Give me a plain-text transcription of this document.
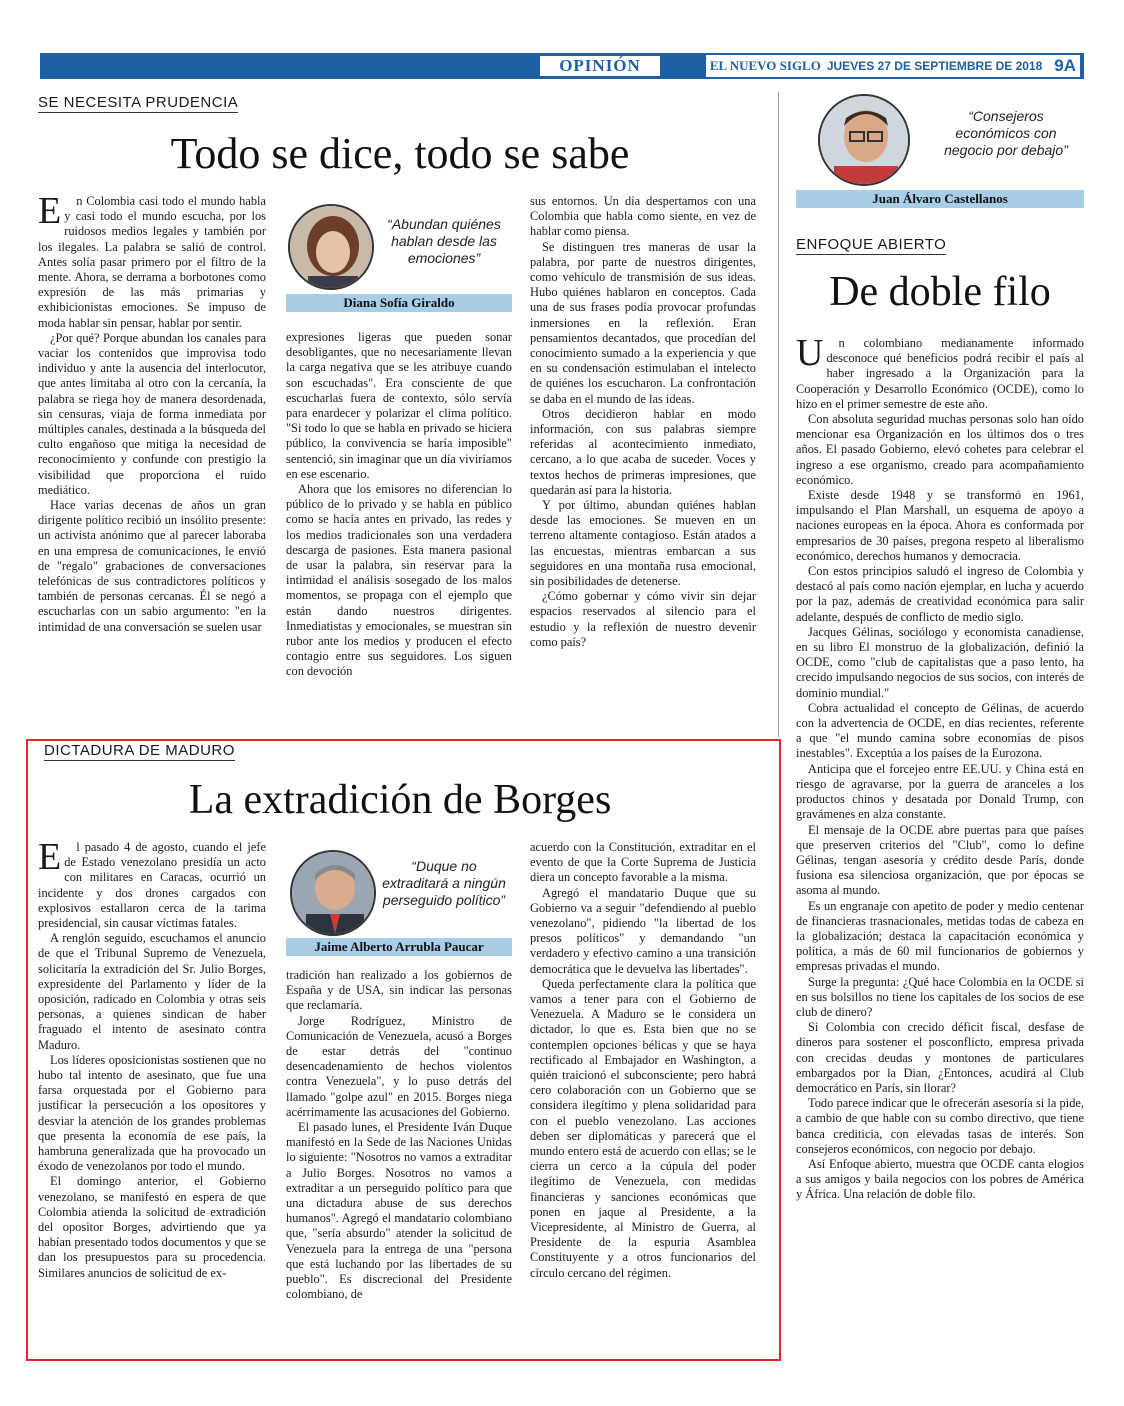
OPINIÓN	EL NUEVO SIGLO JUEVES 27 DE SEPTIEMBRE DE 2018 9A
SE NECESITA PRUDENCIA
Todo se dice, todo se sabe

En Colombia casi todo el mundo habla y casi todo el mundo escucha, por los ruidosos medios legales y también por los ilegales. La palabra se salió de control. Antes solía pasar primero por el filtro de la mente. Ahora, se derrama a borbotones como expresión de las más primarias y exhibicionistas emociones. Se impuso de moda hablar sin pensar, hablar por sentir.

¿Por qué? Porque abundan los canales para vaciar los contenidos que improvisa todo individuo y ante la ausencia del interlocutor, que antes limitaba al otro con la cercanía, la palabra se riega hoy de manera desordenada, sin censuras, viaja de forma inmediata por múltiples canales, destinada a la búsqueda del culto engañoso que mitiga la necesidad de reconocimiento y confunde con prestigio la visibilidad que proporciona el ruido mediático.

Hace varias decenas de años un gran dirigente político recibió un insólito presente: un activista anónimo que al parecer laboraba en una empresa de comunicaciones, le envió de "regalo" grabaciones de conversaciones telefónicas de sus contradictores políticos y también de personas cercanas. Él se negó a escucharlas con un sabio argumento: "en la intimidad de una conversación se suelen usar

“Abundan quiénes hablan desde las emociones”
Diana Sofía Giraldo

expresiones ligeras que pueden sonar desobligantes, que no necesariamente llevan la carga negativa que se les atribuye cuando son escuchadas". Era consciente de que escucharlas fuera de contexto, sólo servía para enardecer y polarizar el clima político. "Si todo lo que se habla en privado se hiciera público, la convivencia se haría imposible" sentenció, sin imaginar que un día viviríamos en ese escenario.

Ahora que los emisores no diferencian lo público de lo privado y se habla en público como se hacía antes en privado, las redes y los medios tradicionales son una verdadera descarga de pasiones. Esta manera pasional de usar la palabra, sin reservar para la intimidad el análisis sosegado de los malos momentos, se propaga con el ejemplo que están dando nuestros dirigentes. Inmediatistas y emocionales, se muestran sin rubor ante los medios y producen el efecto contagio entre sus seguidores. Los siguen con devoción

sus entornos. Un día despertamos con una Colombia que habla como siente, en vez de hablar como piensa.

Se distinguen tres maneras de usar la palabra, por parte de nuestros dirigentes, como vehículo de transmisión de sus ideas. Hubo quiénes hablaron en conceptos. Cada una de sus frases podía provocar profundas inmersiones en la reflexión. Eran pensamientos decantados, que procedían del conocimiento sumado a la experiencia y que en su condensación estimulaban el intelecto de quiénes los escucharon. La confrontación se daba en el mundo de las ideas.

Otros decidieron hablar en modo información, con sus palabras siempre referidas al acontecimiento inmediato, cercano, a lo que acaba de suceder. Voces y textos hechos de primeras impresiones, que quedarán así para la historia.

Y por último, abundan quiénes hablan desde las emociones. Se mueven en un terreno altamente contagioso. Están atados a las encuestas, mientras embarcan a sus seguidores en una montaña rusa emocional, sin posibilidades de detenerse.

¿Cómo gobernar y cómo vivir sin dejar espacios reservados al silencio para el estudio y la reflexión de nuestro devenir como país?

DICTADURA DE MADURO
La extradición de Borges

El pasado 4 de agosto, cuando el jefe de Estado venezolano presidía un acto con militares en Caracas, ocurrió un incidente y dos drones cargados con explosivos estallaron cerca de la tarima presidencial, sin causar víctimas fatales.

A renglón seguido, escuchamos el anuncio de que el Tribunal Supremo de Venezuela, solicitaría la extradición del Sr. Julio Borges, expresidente del Parlamento y líder de la oposición, radicado en Colombia y otras seis personas, a quienes sindican de haber fraguado el intento de asesinato contra Maduro.

Los líderes oposicionistas sostienen que no hubo tal intento de asesinato, que fue una farsa orquestada por el Gobierno para justificar la persecución a los opositores y desviar la atención de los grandes problemas que presenta la economía de ese país, la hambruna generalizada que ha provocado un éxodo de venezolanos por todo el mundo.

El domingo anterior, el Gobierno venezolano, se manifestó en espera de que Colombia atienda la solicitud de extradición del opositor Borges, advirtiendo que ya habían presentado todos documentos y que se dan los presupuestos para su procedencia. Similares anuncios de solicitud de ex-

“Duque no extraditará a ningún perseguido político”
Jaime Alberto Arrubla Paucar

tradición han realizado a los gobiernos de España y de USA, sin indicar las personas que reclamaría.

Jorge Rodríguez, Ministro de Comunicación de Venezuela, acusó a Borges de estar detrás del "continuo desencadenamiento de hechos violentos contra Venezuela", y lo puso detrás del llamado "golpe azul" en 2015. Borges niega acérrimamente las acusaciones del Gobierno.

El pasado lunes, el Presidente Iván Duque manifestó en la Sede de las Naciones Unidas lo siguiente: "Nosotros no vamos a extraditar a Julio Borges. Nosotros no vamos a extraditar a un perseguido político para que una dictadura abuse de sus derechos humanos". Agregó el mandatario colombiano que, "sería absurdo" atender la solicitud de Venezuela para la entrega de una "persona que está luchando por las libertades de su pueblo". Es discrecional del Presidente colombiano, de

acuerdo con la Constitución, extraditar en el evento de que la Corte Suprema de Justicia diera un concepto favorable a la misma.

Agregó el mandatario Duque que su Gobierno va a seguir "defendiendo al pueblo venezolano", pidiendo "la libertad de los presos políticos" y demandando "un verdadero y efectivo camino a una transición democrática que le devuelva las libertades".

Queda perfectamente clara la política que vamos a tener para con el Gobierno de Venezuela. A Maduro se le considera un dictador, lo que es. Esta bien que no se contemplen opciones bélicas y que se haya rectificado al Embajador en Washington, a quién traicionó el subconsciente; pero habrá cero colaboración con un Gobierno que se considera ilegítimo y plena solidaridad para con el pueblo venezolano. Las acciones deben ser diplomáticas y parecerá que el mundo entero está de acuerdo con ellas; se le cierra un cerco a la cúpula del poder ilegítimo de Venezuela, con medidas financieras y sanciones económicas que ponen en jaque al Presidente, a la Vicepresidente, al Ministro de Guerra, al Presidente de la espuria Asamblea Constituyente y a otros funcionarios del círculo cercano del régimen.

“Consejeros económicos con negocio por debajo”
Juan Álvaro Castellanos
ENFOQUE ABIERTO
De doble filo

Un colombiano medianamente informado desconoce qué beneficios podrá recibir el país al haber ingresado a la Organización para la Cooperación y Desarrollo Económico (OCDE), como lo hizo en el primer semestre de este año.

Con absoluta seguridad muchas personas solo han oído mencionar esa Organización en los últimos dos o tres años. El pasado Gobierno, elevó cohetes para celebrar el ingreso a ese organismo, creado para acompañamiento económico.

Existe desde 1948 y se transformó en 1961, impulsando el Plan Marshall, un esquema de apoyo a naciones europeas en la época. Ahora es conformada por empresarios de 30 países, pregona respeto al liberalismo económico, derechos humanos y democracia.

Con estos principios saludó el ingreso de Colombia y destacó al país como nación ejemplar, en lucha y acuerdo por la paz, además de creatividad económica para salir adelante, después de conflicto de medio siglo.

Jacques Gélinas, sociólogo y economista canadiense, en su libro El monstruo de la globalización, definió la OCDE, como "club de capitalistas que a paso lento, ha crecido impulsando negocios de sus socios, con interés de dominio mundial."

Cobra actualidad el concepto de Gélinas, de acuerdo con la advertencia de OCDE, en días recientes, referente a que "el mundo camina sobre economías de pisos inestables". Exceptúa a los países de la Eurozona.

Anticipa que el forcejeo entre EE.UU. y China está en riesgo de agravarse, por la guerra de aranceles a los productos chinos y desatada por Donald Trump, con gravámenes en alza constante.

El mensaje de la OCDE abre puertas para que países que preserven criterios del "Club", como lo define Gélinas, tengan asesoría y crédito desde París, donde fusiona esa silenciosa organización, que por épocas se asoma al mundo.

Es un engranaje con apetito de poder y medio centenar de financieras trasnacionales, metidas todas de cabeza en la globalización; destaca la capacitación económica y política, a más de 60 mil funcionarios de gobiernos y empresas privadas el mundo.

Surge la pregunta: ¿Qué hace Colombia en la OCDE si en sus bolsillos no tiene los capitales de los socios de ese club de dinero?

Si Colombia con crecido déficit fiscal, desfase de dineros para sostener el posconflicto, empresa privada con crecidas deudas y montones de particulares embargados por la Dian, ¿Entonces, acudirá al Club democrático en París, sin llorar?

Todo parece indicar que le ofrecerán asesoría si la pide, a cambio de que hable con su combo directivo, que tiene banca crediticia, con elevadas tasas de interés. Son consejeros económicos, con negocio por debajo.

Así Enfoque abierto, muestra que OCDE canta elogios a sus amigos y baila negocios con los pobres de América y África. Una relación de doble filo.
